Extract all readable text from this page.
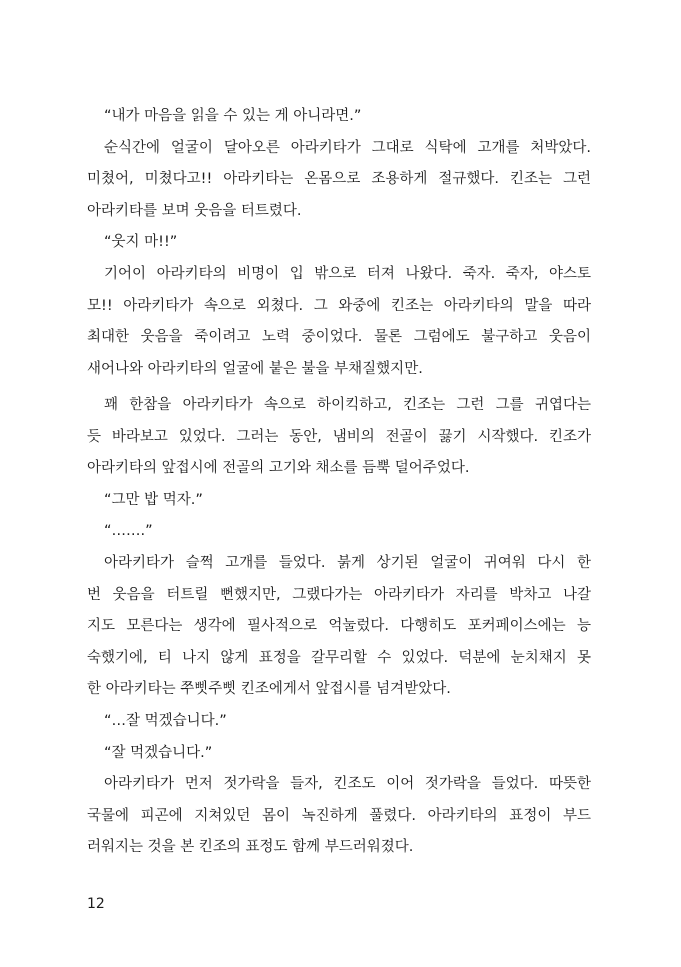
“내가 마음을 읽을 수 있는 게 아니라면.”
순식간에 얼굴이 달아오른 아라키타가 그대로 식탁에 고개를 처박았다.
미쳤어, 미쳤다고!! 아라키타는 온몸으로 조용하게 절규했다. 킨조는 그런
아라키타를 보며 웃음을 터트렸다.
“웃지 마!!”
기어이 아라키타의 비명이 입 밖으로 터져 나왔다. 죽자. 죽자, 야스토
모!! 아라키타가 속으로 외쳤다. 그 와중에 킨조는 아라키타의 말을 따라
최대한 웃음을 죽이려고 노력 중이었다. 물론 그럼에도 불구하고 웃음이
새어나와 아라키타의 얼굴에 붙은 불을 부채질했지만.
꽤 한참을 아라키타가 속으로 하이킥하고, 킨조는 그런 그를 귀엽다는
듯 바라보고 있었다. 그러는 동안, 냄비의 전골이 끓기 시작했다. 킨조가
아라키타의 앞접시에 전골의 고기와 채소를 듬뿍 덜어주었다.
“그만 밥 먹자.”
“…….”
아라키타가 슬쩍 고개를 들었다. 붉게 상기된 얼굴이 귀여워 다시 한
번 웃음을 터트릴 뻔했지만, 그랬다가는 아라키타가 자리를 박차고 나갈
지도 모른다는 생각에 필사적으로 억눌렀다. 다행히도 포커페이스에는 능
숙했기에, 티 나지 않게 표정을 갈무리할 수 있었다. 덕분에 눈치채지 못
한 아라키타는 쭈삣주삣 킨조에게서 앞접시를 넘겨받았다.
“…잘 먹겠습니다.”
“잘 먹겠습니다.”
아라키타가 먼저 젓가락을 들자, 킨조도 이어 젓가락을 들었다. 따뜻한
국물에 피곤에 지쳐있던 몸이 녹진하게 풀렸다. 아라키타의 표정이 부드
러워지는 것을 본 킨조의 표정도 함께 부드러워졌다.
12
